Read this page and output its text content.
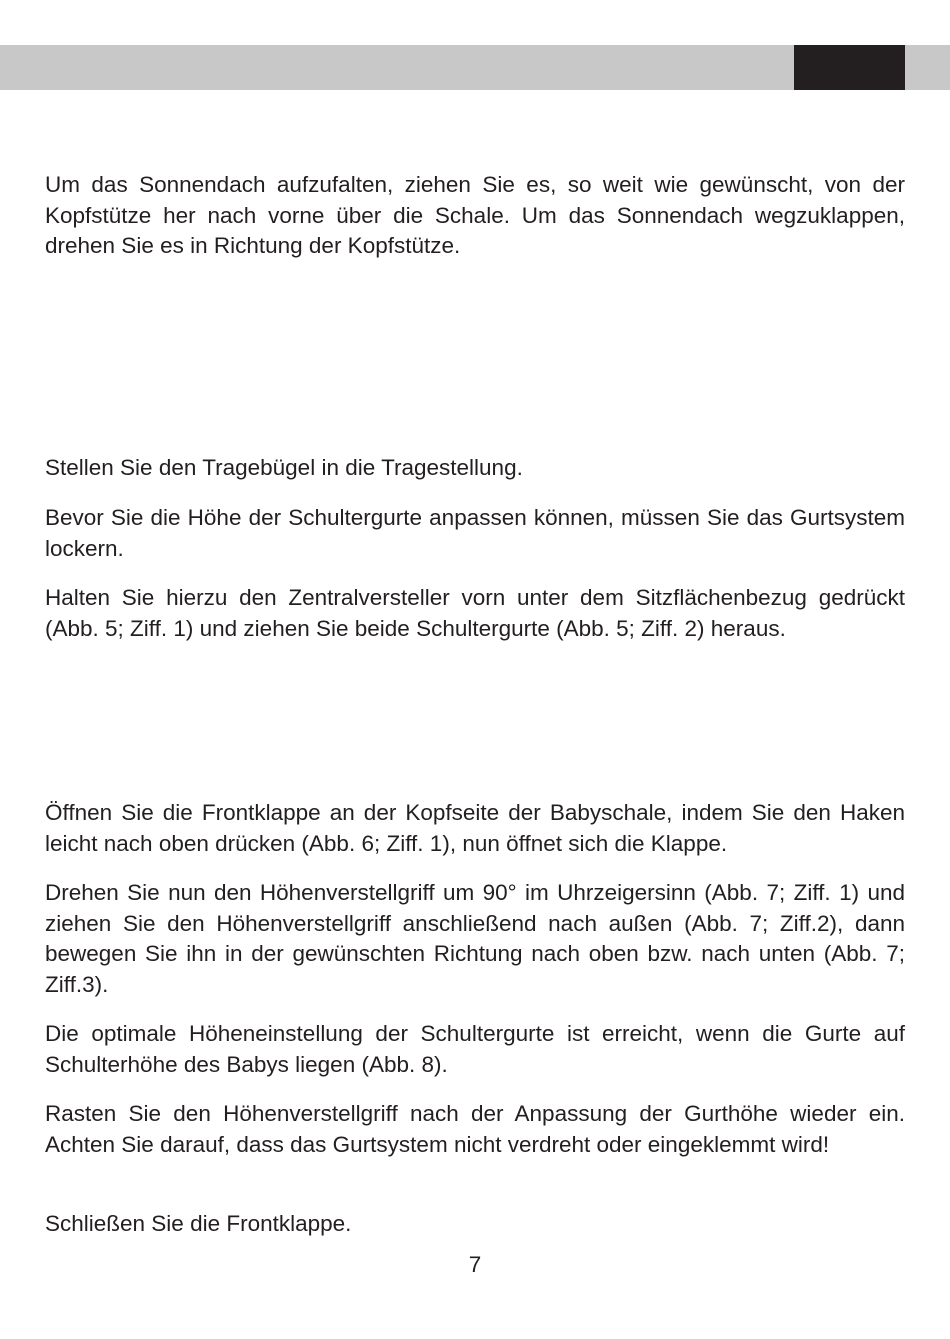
Um das Sonnendach aufzufalten, ziehen Sie es, so weit wie gewünscht, von der Kopfstütze her nach vorne über die Schale. Um das Sonnendach wegzuklappen, drehen Sie es in Richtung der Kopfstütze.

Stellen Sie den Tragebügel in die Tragestellung.

Bevor Sie die Höhe der Schultergurte anpassen können, müssen Sie das Gurtsystem lockern.

Halten Sie hierzu den Zentralversteller vorn unter dem Sitzflächenbezug gedrückt (Abb. 5; Ziff. 1) und ziehen Sie beide Schultergurte (Abb. 5; Ziff. 2) heraus.

Öffnen Sie die Frontklappe an der Kopfseite der Babyschale, indem Sie den Haken leicht nach oben drücken (Abb. 6; Ziff. 1), nun öffnet sich die Klappe.

Drehen Sie nun den Höhenverstellgriff um 90° im Uhrzeigersinn (Abb. 7; Ziff. 1) und ziehen Sie den Höhenverstellgriff anschließend nach außen (Abb. 7; Ziff.2), dann bewegen Sie ihn in der gewünschten Richtung nach oben bzw. nach unten (Abb. 7; Ziff.3).

Die optimale Höheneinstellung der Schultergurte ist erreicht, wenn die Gurte auf Schulterhöhe des Babys liegen (Abb. 8).

Rasten Sie den Höhenverstellgriff nach der Anpassung der Gurthöhe wieder ein. Achten Sie darauf, dass das Gurtsystem nicht verdreht oder eingeklemmt wird!

Schließen Sie die Frontklappe.

7
